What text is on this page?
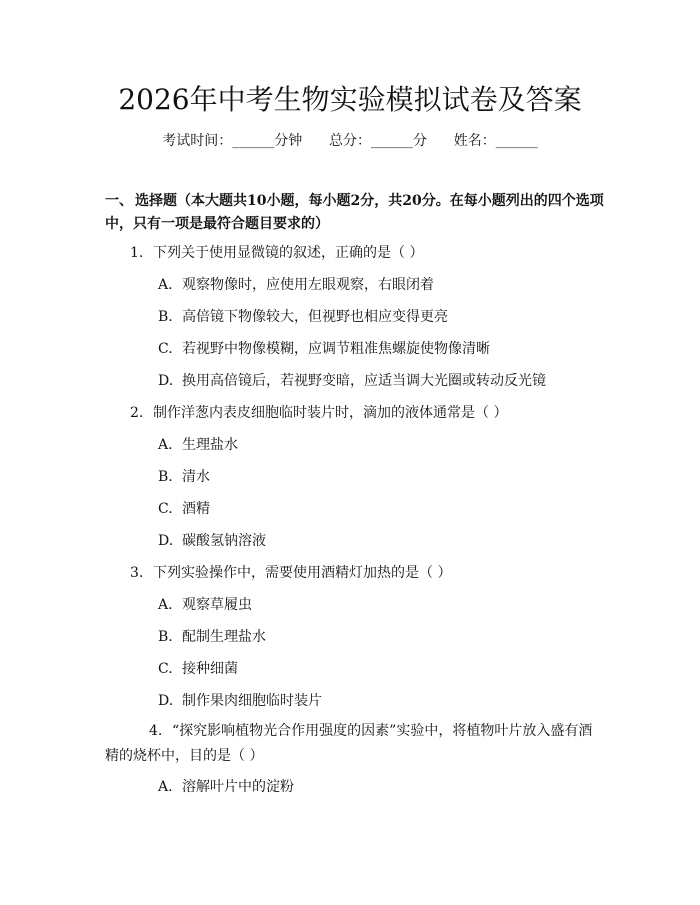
2026年中考生物实验模拟试卷及答案
考试时间：______分钟      总分：______分      姓名：______
一、 选择题（本大题共10小题，每小题2分，共20分。在每小题列出的四个选项中，只有一项是最符合题目要求的）
1. 下列关于使用显微镜的叙述，正确的是（ ）
A. 观察物像时，应使用左眼观察，右眼闭着
B. 高倍镜下物像较大，但视野也相应变得更亮
C. 若视野中物像模糊，应调节粗准焦螺旋使物像清晰
D. 换用高倍镜后，若视野变暗，应适当调大光圈或转动反光镜
2. 制作洋葱内表皮细胞临时装片时，滴加的液体通常是（ ）
A. 生理盐水
B. 清水
C. 酒精
D. 碳酸氢钠溶液
3. 下列实验操作中，需要使用酒精灯加热的是（ ）
A. 观察草履虫
B. 配制生理盐水
C. 接种细菌
D. 制作果肉细胞临时装片
4. “探究影响植物光合作用强度的因素”实验中，将植物叶片放入盛有酒精的烧杯中，目的是（ ）
A. 溶解叶片中的淀粉
